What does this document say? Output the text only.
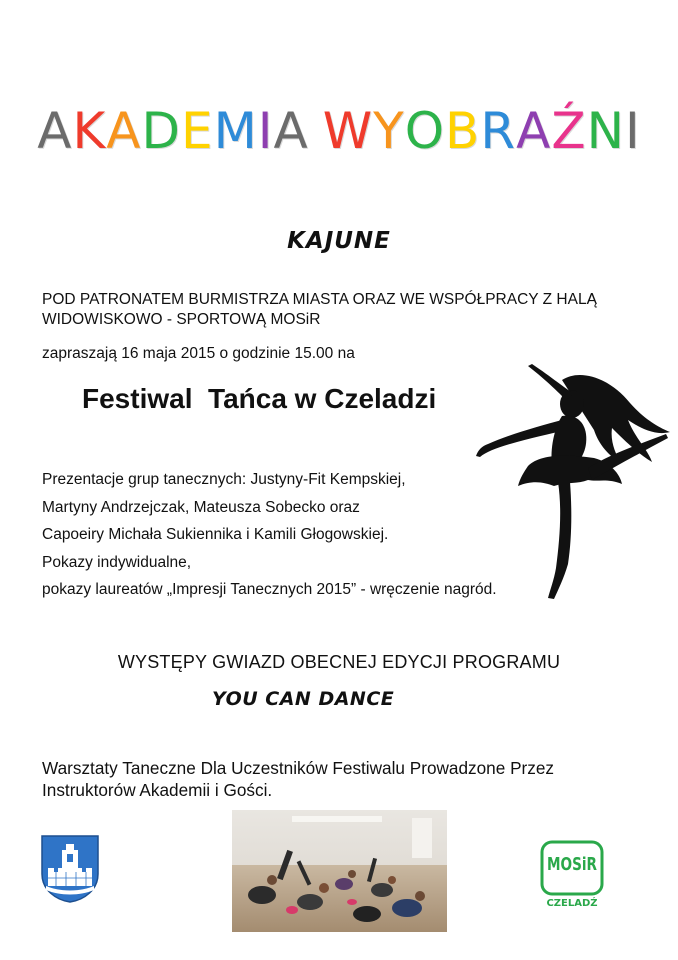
AKADEMIA WYOBRAŹNI
KAJUNE
POD PATRONATEM BURMISTRZA MIASTA ORAZ WE WSPÓŁPRACY Z HALĄ
WIDOWISKOWO - SPORTOWĄ MOSiR
zapraszają 16 maja 2015 o godzinie 15.00 na
Festiwal  Tańca w Czeladzi
Prezentacje grup tanecznych: Justyny-Fit Kempskiej,
Martyny Andrzejczak, Mateusza Sobecko oraz
Capoeiry Michała Sukiennika i Kamili Głogowskiej.
Pokazy indywidualne,
pokazy laureatów „Impresji Tanecznych 2015” - wręczenie nagród.
WYSTĘPY GWIAZD OBECNEJ EDYCJI PROGRAMU
YOU CAN DANCE
Warsztaty Taneczne Dla Uczestników Festiwalu Prowadzone Przez
Instruktorów Akademii i Gości.
MOSiR
CZELADŹ
